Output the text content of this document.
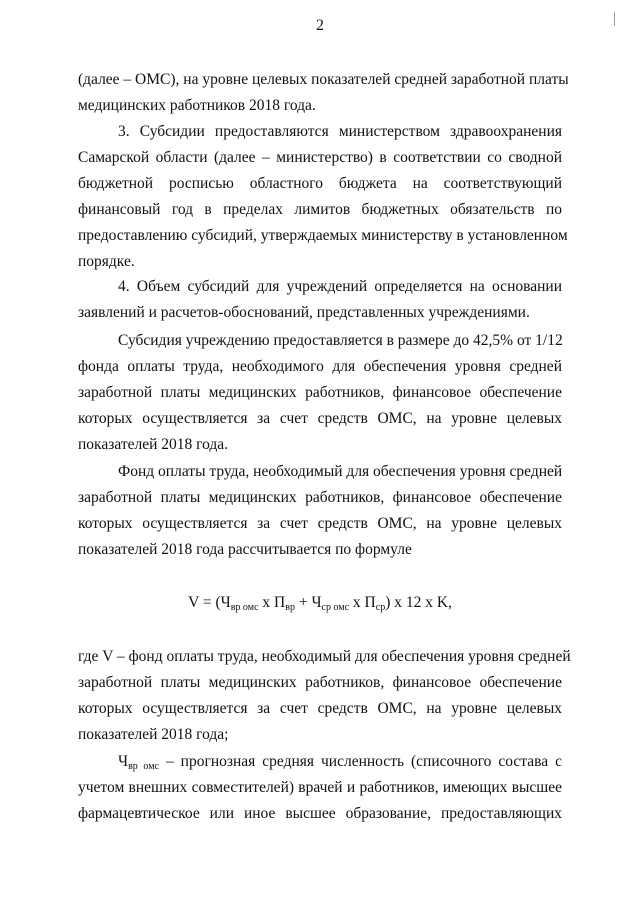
2
(далее – ОМС), на уровне целевых показателей средней заработной платы
медицинских работников 2018 года.
3. Субсидии предоставляются министерством здравоохранения
Самарской области (далее – министерство) в соответствии со сводной
бюджетной росписью областного бюджета на соответствующий
финансовый год в пределах лимитов бюджетных обязательств по
предоставлению субсидий, утверждаемых министерству в установленном
порядке.
4. Объем субсидий для учреждений определяется на основании
заявлений и расчетов-обоснований, представленных учреждениями.
Субсидия учреждению предоставляется в размере до 42,5% от 1/12
фонда оплаты труда, необходимого для обеспечения уровня средней
заработной платы медицинских работников, финансовое обеспечение
которых осуществляется за счет средств ОМС, на уровне целевых
показателей 2018 года.
Фонд оплаты труда, необходимый для обеспечения уровня средней
заработной платы медицинских работников, финансовое обеспечение
которых осуществляется за счет средств ОМС, на уровне целевых
показателей 2018 года рассчитывается по формуле
$V = (Ч_{вр омс}$ x $П_{вр} + Ч_{ср омс}$ x $П_{ср}$) x 12 x K,
где V – фонд оплаты труда, необходимый для обеспечения уровня средней
заработной платы медицинских работников, финансовое обеспечение
которых осуществляется за счет средств ОМС, на уровне целевых
показателей 2018 года;
$Ч_{вр омс}$ – прогнозная средняя численность (списочного состава с
учетом внешних совместителей) врачей и работников, имеющих высшее
фармацевтическое или иное высшее образование, предоставляющих
